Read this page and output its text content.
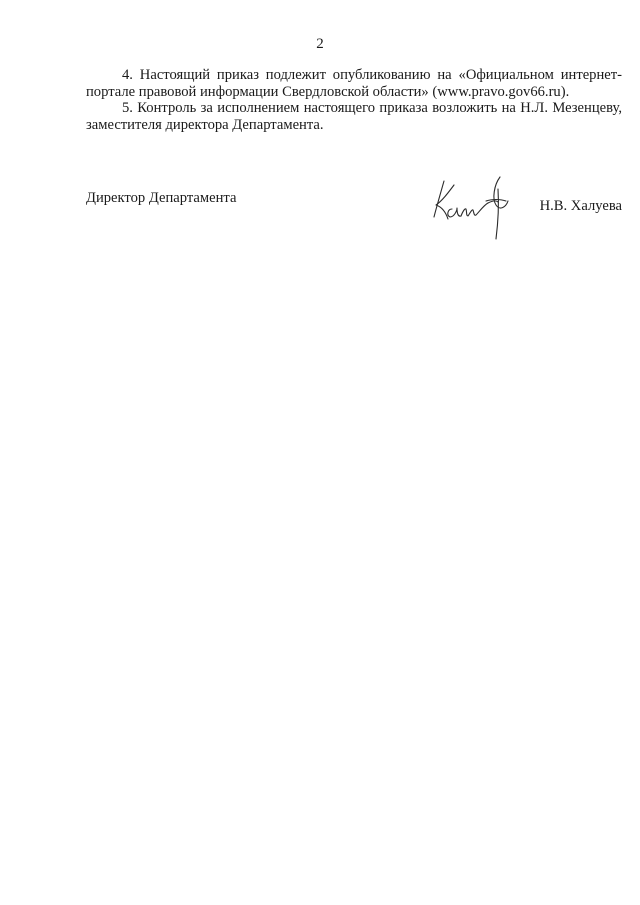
2

4. Настоящий приказ подлежит опубликованию на «Официальном интернет-портале правовой информации Свердловской области» (www.pravo.gov66.ru).

5. Контроль за исполнением настоящего приказа возложить на Н.Л. Мезенцеву, заместителя директора Департамента.

Директор Департамента	Н.В. Халуева
